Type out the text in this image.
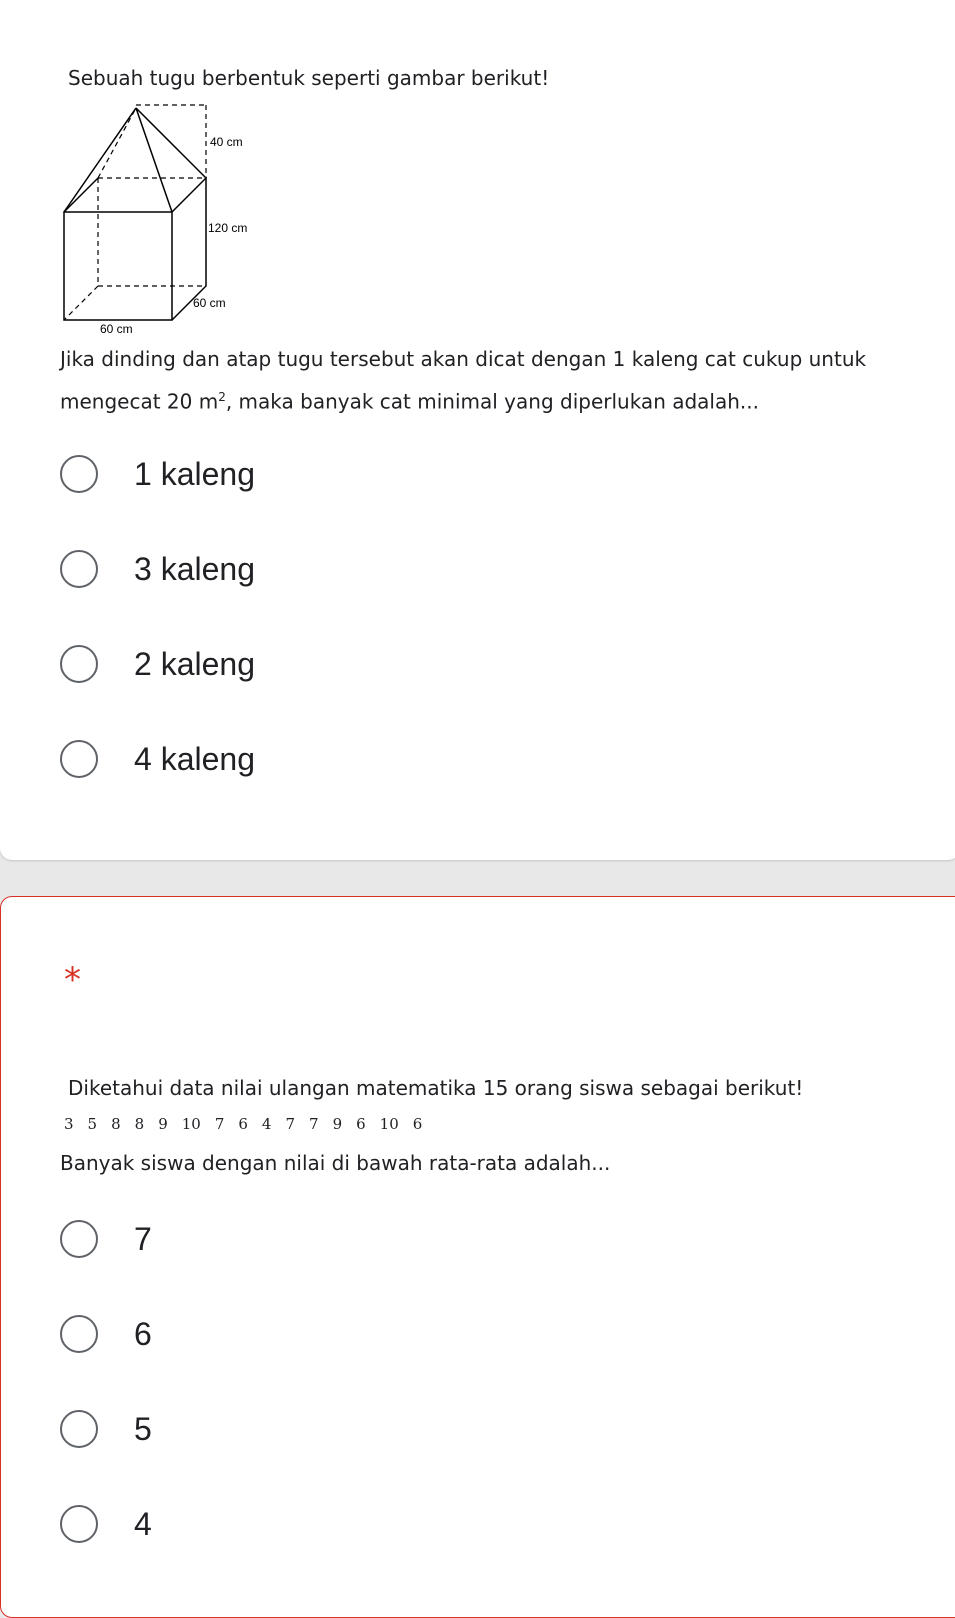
Sebuah tugu berbentuk seperti gambar berikut!
40 cm
120 cm
60 cm
60 cm
Jika dinding dan atap tugu tersebut akan dicat dengan 1 kaleng cat cukup untuk
mengecat 20 $m^2$, maka banyak cat minimal yang diperlukan adalah...
1 kaleng
3 kaleng
2 kaleng
4 kaleng
*
Diketahui data nilai ulangan matematika 15 orang siswa sebagai berikut!
3 5 8 8 9 10 7 6 4 7 7 9 6 10 6
Banyak siswa dengan nilai di bawah rata-rata adalah...
7
6
5
4
